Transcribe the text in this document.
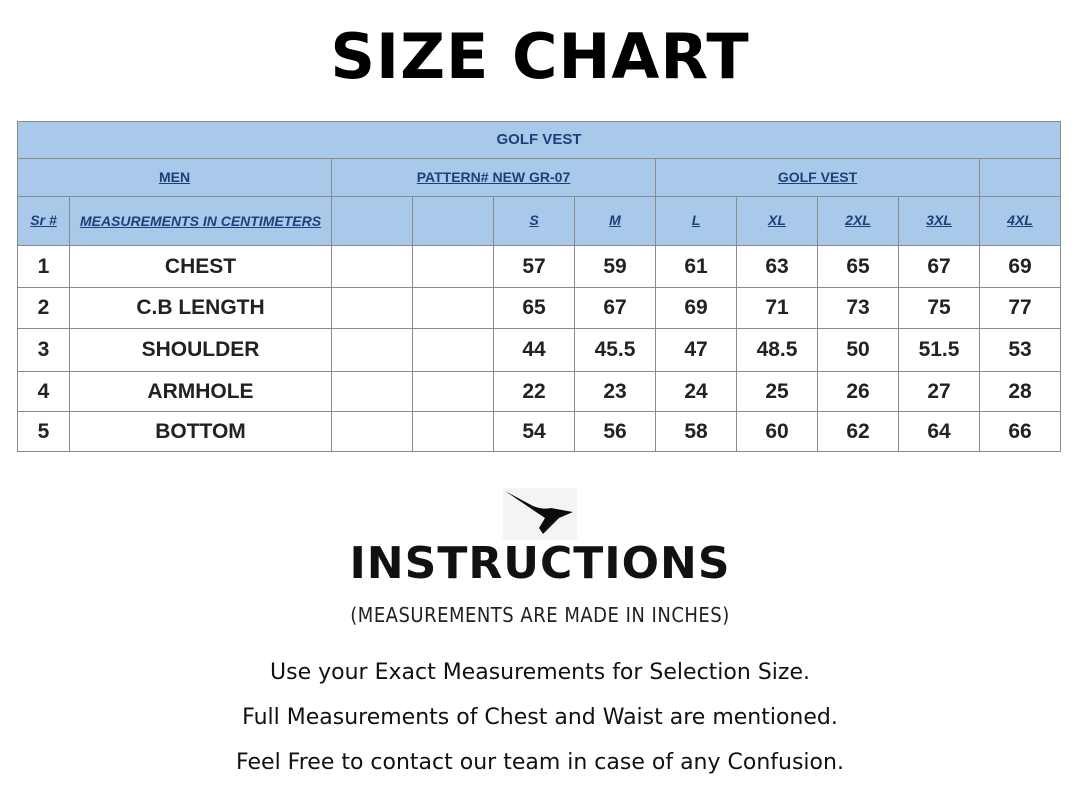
SIZE CHART
GOLF VEST										
MEN		PATTERN# NEW GR-07				GOLF VEST				
Sr #	MEASUREMENTS IN CENTIMETERS			S	M	L	XL	2XL	3XL	4XL
1	CHEST			57	59	61	63	65	67	69
2	C.B LENGTH			65	67	69	71	73	75	77
3	SHOULDER			44	45.5	47	48.5	50	51.5	53
4	ARMHOLE			22	23	24	25	26	27	28
5	BOTTOM			54	56	58	60	62	64	66
INSTRUCTIONS
(MEASUREMENTS ARE MADE IN INCHES)
Use your Exact Measurements for Selection Size.
Full Measurements of Chest and Waist are mentioned.
Feel Free to contact our team in case of any Confusion.
